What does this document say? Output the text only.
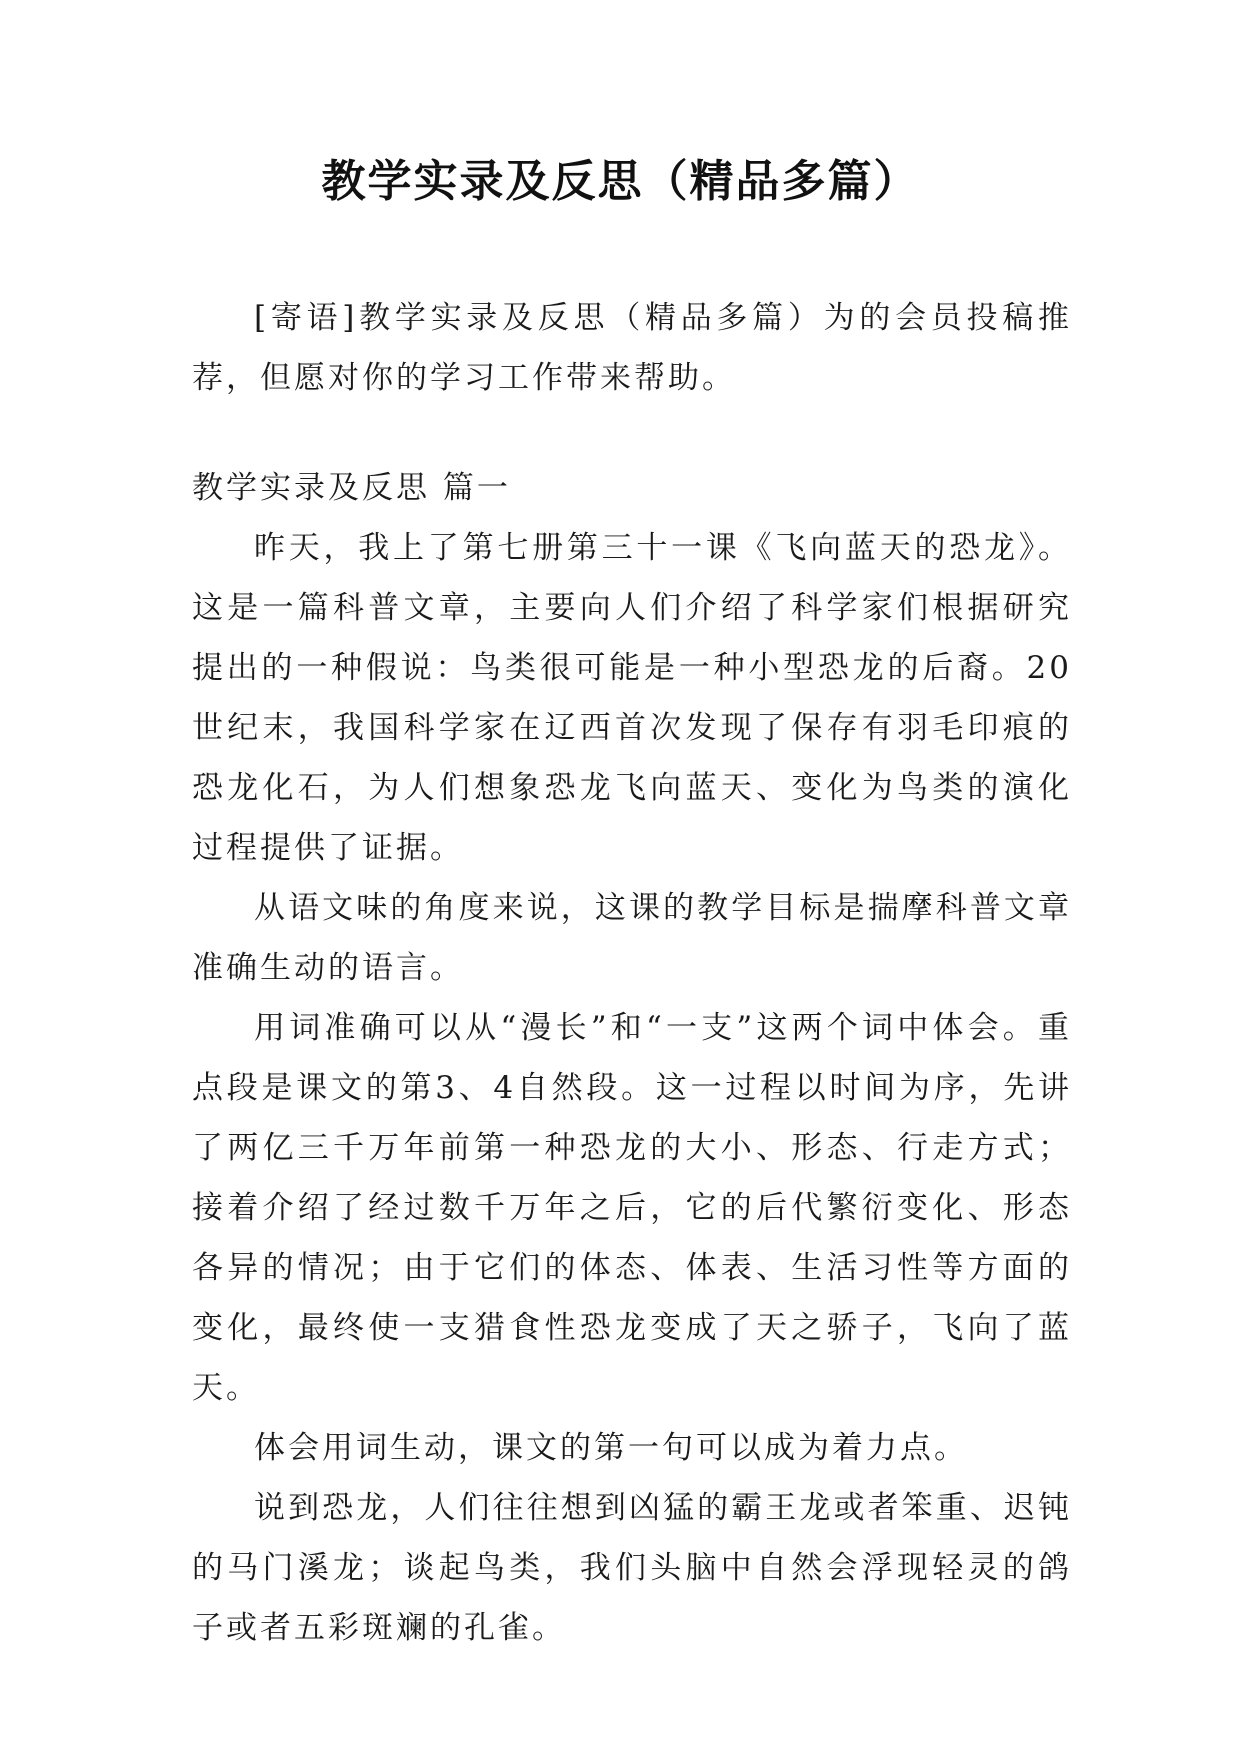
教学实录及反思（精品多篇）

[寄语]教学实录及反思（精品多篇）为的会员投稿推荐，但愿对你的学习工作带来帮助。

教学实录及反思 篇一

昨天，我上了第七册第三十一课《飞向蓝天的恐龙》。这是一篇科普文章，主要向人们介绍了科学家们根据研究提出的一种假说：鸟类很可能是一种小型恐龙的后裔。20世纪末，我国科学家在辽西首次发现了保存有羽毛印痕的恐龙化石，为人们想象恐龙飞向蓝天、变化为鸟类的演化过程提供了证据。

从语文味的角度来说，这课的教学目标是揣摩科普文章准确生动的语言。

用词准确可以从“漫长”和“一支”这两个词中体会。重点段是课文的第3、4自然段。这一过程以时间为序，先讲了两亿三千万年前第一种恐龙的大小、形态、行走方式；接着介绍了经过数千万年之后，它的后代繁衍变化、形态各异的情况；由于它们的体态、体表、生活习性等方面的变化，最终使一支猎食性恐龙变成了天之骄子，飞向了蓝天。

体会用词生动，课文的第一句可以成为着力点。

说到恐龙，人们往往想到凶猛的霸王龙或者笨重、迟钝的马门溪龙；谈起鸟类，我们头脑中自然会浮现轻灵的鸽子或者五彩斑斓的孔雀。
